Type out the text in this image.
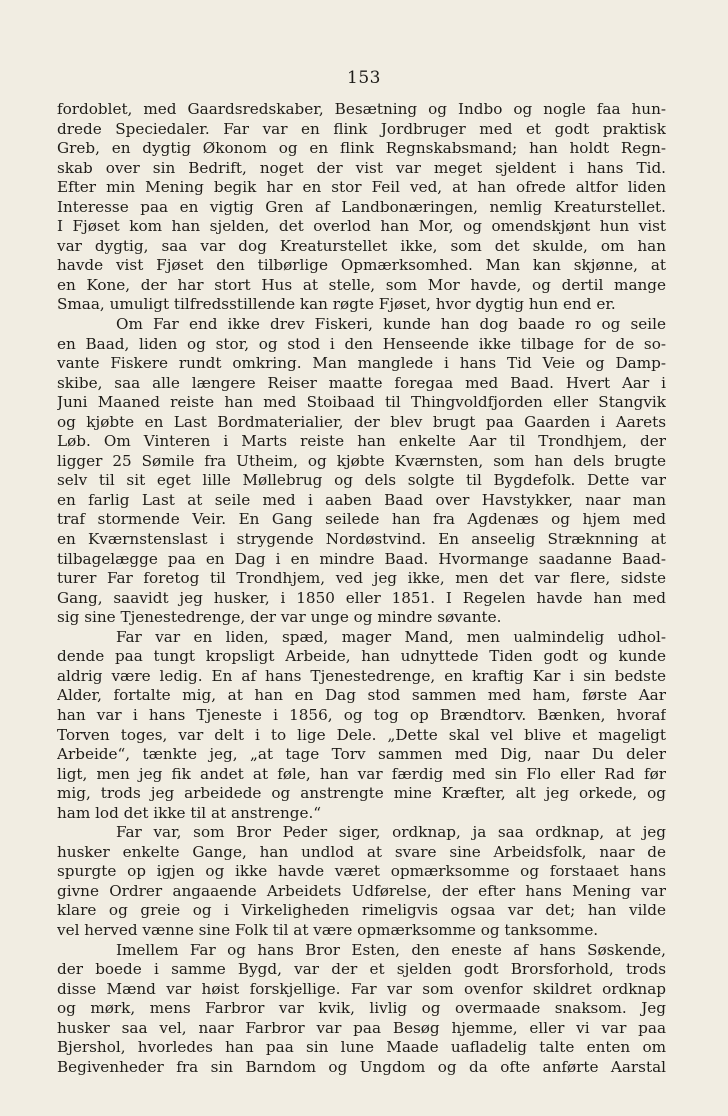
153
fordoblet, med Gaardsredskaber, Besætning og Indbo og nogle faa hun-
drede Speciedaler. Far var en flink Jordbruger med et godt praktisk
Greb, en dygtig Økonom og en flink Regnskabsmand; han holdt Regn-
skab over sin Bedrift, noget der vist var meget sjeldent i hans Tid.
Efter min Mening begik har en stor Feil ved, at han ofrede altfor liden
Interesse paa en vigtig Gren af Landbonæringen, nemlig Kreaturstellet.
I Fjøset kom han sjelden, det overlod han Mor, og omendskjønt hun vist
var dygtig, saa var dog Kreaturstellet ikke, som det skulde, om han
havde vist Fjøset den tilbørlige Opmærksomhed. Man kan skjønne, at
en Kone, der har stort Hus at stelle, som Mor havde, og dertil mange
Smaa, umuligt tilfredsstillende kan røgte Fjøset, hvor dygtig hun end er.
Om Far end ikke drev Fiskeri, kunde han dog baade ro og seile
en Baad, liden og stor, og stod i den Henseende ikke tilbage for de so-
vante Fiskere rundt omkring. Man manglede i hans Tid Veie og Damp-
skibe, saa alle længere Reiser maatte foregaa med Baad. Hvert Aar i
Juni Maaned reiste han med Stoibaad til Thingvoldfjorden eller Stangvik
og kjøbte en Last Bordmaterialier, der blev brugt paa Gaarden i Aarets
Løb. Om Vinteren i Marts reiste han enkelte Aar til Trondhjem, der
ligger 25 Sømile fra Utheim, og kjøbte Kværnsten, som han dels brugte
selv til sit eget lille Møllebrug og dels solgte til Bygdefolk. Dette var
en farlig Last at seile med i aaben Baad over Havstykker, naar man
traf stormende Veir. En Gang seilede han fra Agdenæs og hjem med
en Kværnstenslast i strygende Nordøstvind. En anseelig Stræknning at
tilbagelægge paa en Dag i en mindre Baad. Hvormange saadanne Baad-
turer Far foretog til Trondhjem, ved jeg ikke, men det var flere, sidste
Gang, saavidt jeg husker, i 1850 eller 1851. I Regelen havde han med
sig sine Tjenestedrenge, der var unge og mindre søvante.
Far var en liden, spæd, mager Mand, men ualmindelig udhol-
dende paa tungt kropsligt Arbeide, han udnyttede Tiden godt og kunde
aldrig være ledig. En af hans Tjenestedrenge, en kraftig Kar i sin bedste
Alder, fortalte mig, at han en Dag stod sammen med ham, første Aar
han var i hans Tjeneste i 1856, og tog op Brændtorv. Bænken, hvoraf
Torven toges, var delt i to lige Dele. „Dette skal vel blive et mageligt
Arbeide“, tænkte jeg, „at tage Torv sammen med Dig, naar Du deler
ligt, men jeg fik andet at føle, han var færdig med sin Flo eller Rad før
mig, trods jeg arbeidede og anstrengte mine Kræfter, alt jeg orkede, og
ham lod det ikke til at anstrenge.“
Far var, som Bror Peder siger, ordknap, ja saa ordknap, at jeg
husker enkelte Gange, han undlod at svare sine Arbeidsfolk, naar de
spurgte op igjen og ikke havde været opmærksomme og forstaaet hans
givne Ordrer angaaende Arbeidets Udførelse, der efter hans Mening var
klare og greie og i Virkeligheden rimeligvis ogsaa var det; han vilde
vel herved vænne sine Folk til at være opmærksomme og tanksomme.
Imellem Far og hans Bror Esten, den eneste af hans Søskende,
der boede i samme Bygd, var der et sjelden godt Brorsforhold, trods
disse Mænd var høist forskjellige. Far var som ovenfor skildret ordknap
og mørk, mens Farbror var kvik, livlig og overmaade snaksom. Jeg
husker saa vel, naar Farbror var paa Besøg hjemme, eller vi var paa
Bjershol, hvorledes han paa sin lune Maade uafladelig talte enten om
Begivenheder fra sin Barndom og Ungdom og da ofte anførte Aarstal
